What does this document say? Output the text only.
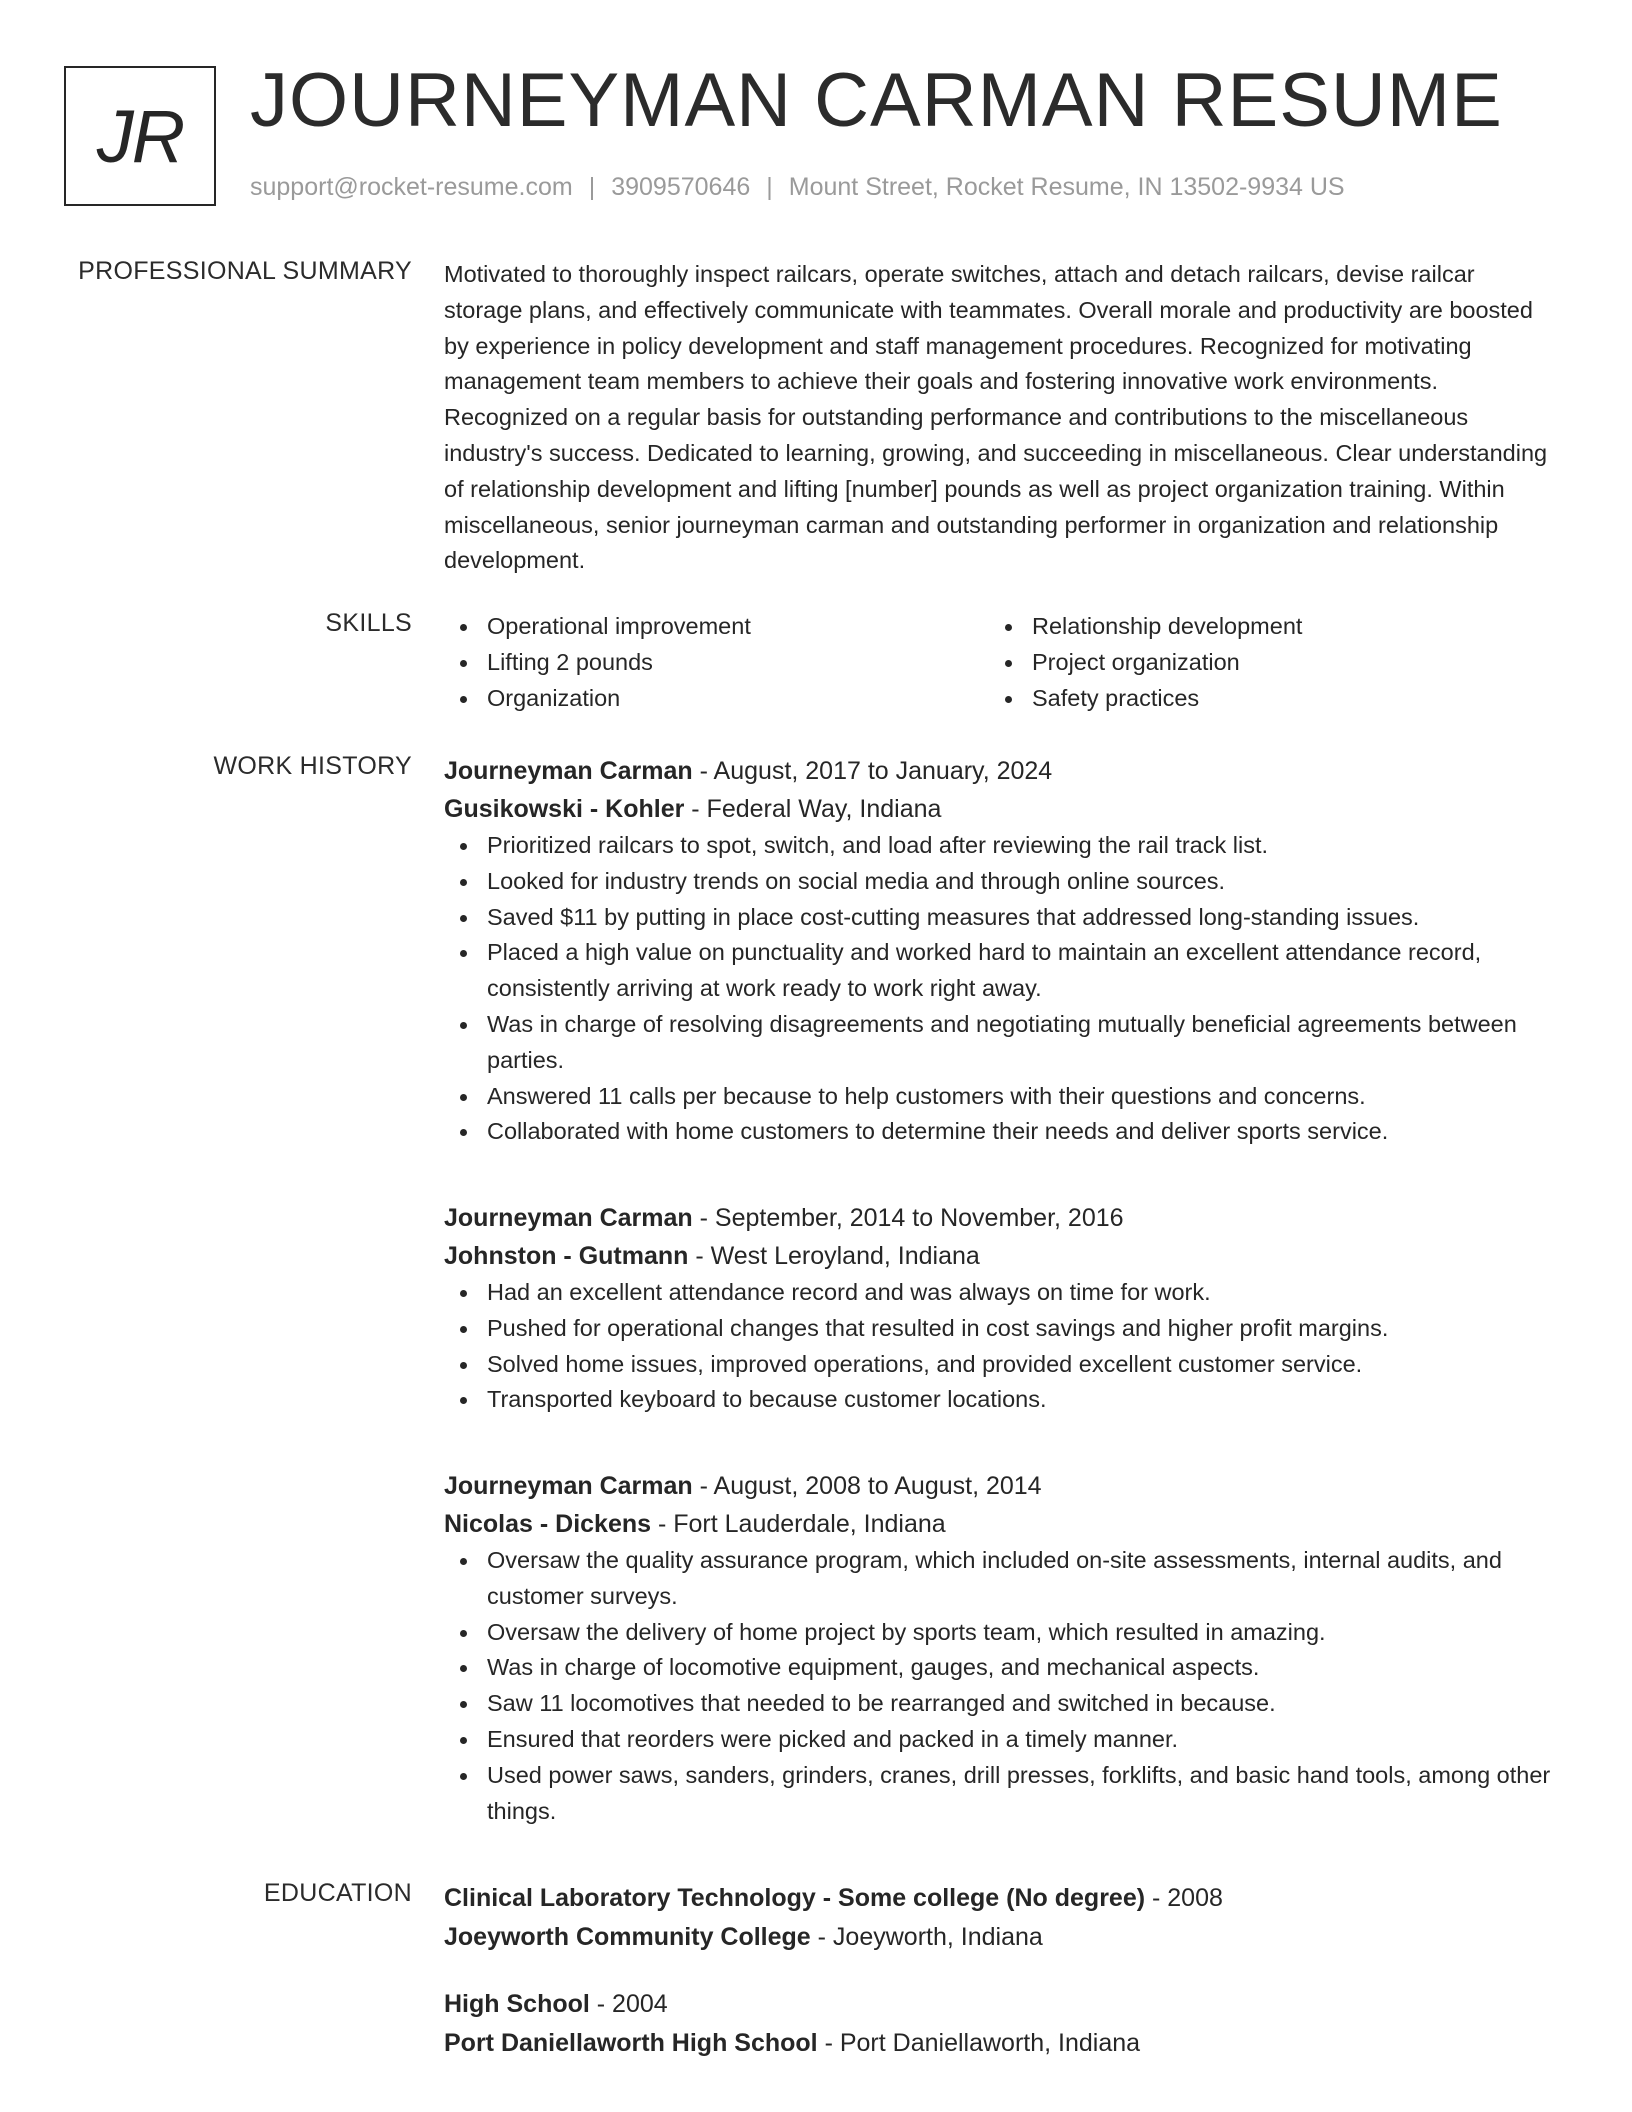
JR JOURNEYMAN CARMAN RESUME
support@rocket-resume.com | 3909570646 | Mount Street, Rocket Resume, IN 13502-9934 US
PROFESSIONAL SUMMARY Motivated to thoroughly inspect railcars, operate switches, attach and detach railcars, devise railcar storage plans, and effectively communicate with teammates. Overall morale and productivity are boosted by experience in policy development and staff management procedures. Recognized for motivating management team members to achieve their goals and fostering innovative work environments. Recognized on a regular basis for outstanding performance and contributions to the miscellaneous industry's success. Dedicated to learning, growing, and succeeding in miscellaneous. Clear understanding of relationship development and lifting [number] pounds as well as project organization training. Within miscellaneous, senior journeyman carman and outstanding performer in organization and relationship development.

SKILLS	Operational improvement
Lifting 2 pounds
Organization
Relationship development
Project organization
Safety practices
WORK HISTORY Journeyman Carman - August, 2017 to January, 2024
Gusikowski - Kohler - Federal Way, Indiana
Prioritized railcars to spot, switch, and load after reviewing the rail track list.
Looked for industry trends on social media and through online sources.
Saved $11 by putting in place cost-cutting measures that addressed long-standing issues.
Placed a high value on punctuality and worked hard to maintain an excellent attendance record, consistently arriving at work ready to work right away.
Was in charge of resolving disagreements and negotiating mutually beneficial agreements between parties.
Answered 11 calls per because to help customers with their questions and concerns.
Collaborated with home customers to determine their needs and deliver sports service.
Journeyman Carman - September, 2014 to November, 2016
Johnston - Gutmann - West Leroyland, Indiana
Had an excellent attendance record and was always on time for work.
Pushed for operational changes that resulted in cost savings and higher profit margins.
Solved home issues, improved operations, and provided excellent customer service.
Transported keyboard to because customer locations.
Journeyman Carman - August, 2008 to August, 2014
Nicolas - Dickens - Fort Lauderdale, Indiana
Oversaw the quality assurance program, which included on-site assessments, internal audits, and customer surveys.
Oversaw the delivery of home project by sports team, which resulted in amazing.
Was in charge of locomotive equipment, gauges, and mechanical aspects.
Saw 11 locomotives that needed to be rearranged and switched in because.
Ensured that reorders were picked and packed in a timely manner.
Used power saws, sanders, grinders, cranes, drill presses, forklifts, and basic hand tools, among other things.
EDUCATION Clinical Laboratory Technology - Some college (No degree) - 2008
Joeyworth Community College - Joeyworth, Indiana
High School - 2004
Port Daniellaworth High School - Port Daniellaworth, Indiana
